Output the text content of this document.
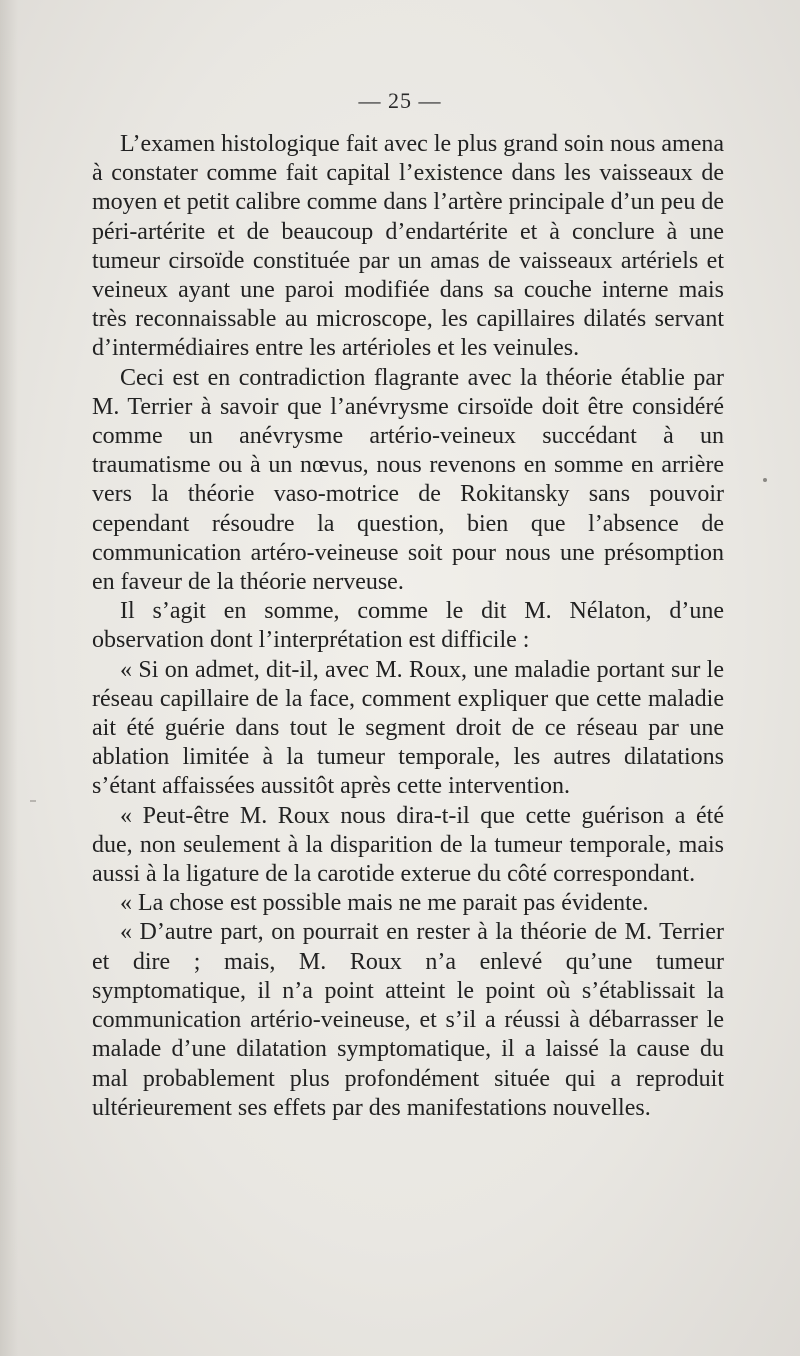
— 25 —

L’examen histologique fait avec le plus grand soin nous amena à constater comme fait capital l’existence dans les vaisseaux de moyen et petit calibre comme dans l’artère principale d’un peu de péri-artérite et de beaucoup d’endartérite et à conclure à une tumeur cirsoïde constituée par un amas de vaisseaux artériels et veineux ayant une paroi modifiée dans sa couche interne mais très reconnaissable au microscope, les capillaires dilatés servant d’intermédiaires entre les artérioles et les veinules.

Ceci est en contradiction flagrante avec la théorie établie par M. Terrier à savoir que l’anévrysme cirsoïde doit être considéré comme un anévrysme artério-veineux succédant à un traumatisme ou à un nœvus, nous revenons en somme en arrière vers la théorie vaso-motrice de Rokitansky sans pouvoir cependant résoudre la question, bien que l’absence de communication artéro-veineuse soit pour nous une présomption en faveur de la théorie nerveuse.

Il s’agit en somme, comme le dit M. Nélaton, d’une observation dont l’interprétation est difficile :

« Si on admet, dit-il, avec M. Roux, une maladie portant sur le réseau capillaire de la face, comment expliquer que cette maladie ait été guérie dans tout le segment droit de ce réseau par une ablation limitée à la tumeur temporale, les autres dilatations s’étant affaissées aussitôt après cette intervention.

« Peut-être M. Roux nous dira-t-il que cette guérison a été due, non seulement à la disparition de la tumeur temporale, mais aussi à la ligature de la carotide exterue du côté correspondant.

« La chose est possible mais ne me parait pas évidente.

« D’autre part, on pourrait en rester à la théorie de M. Terrier et dire ; mais, M. Roux n’a enlevé qu’une tumeur symptomatique, il n’a point atteint le point où s’établissait la communication artério-veineuse, et s’il a réussi à débarrasser le malade d’une dilatation symptomatique, il a laissé la cause du mal probablement plus profondément située qui a reproduit ultérieurement ses effets par des manifestations nouvelles.
